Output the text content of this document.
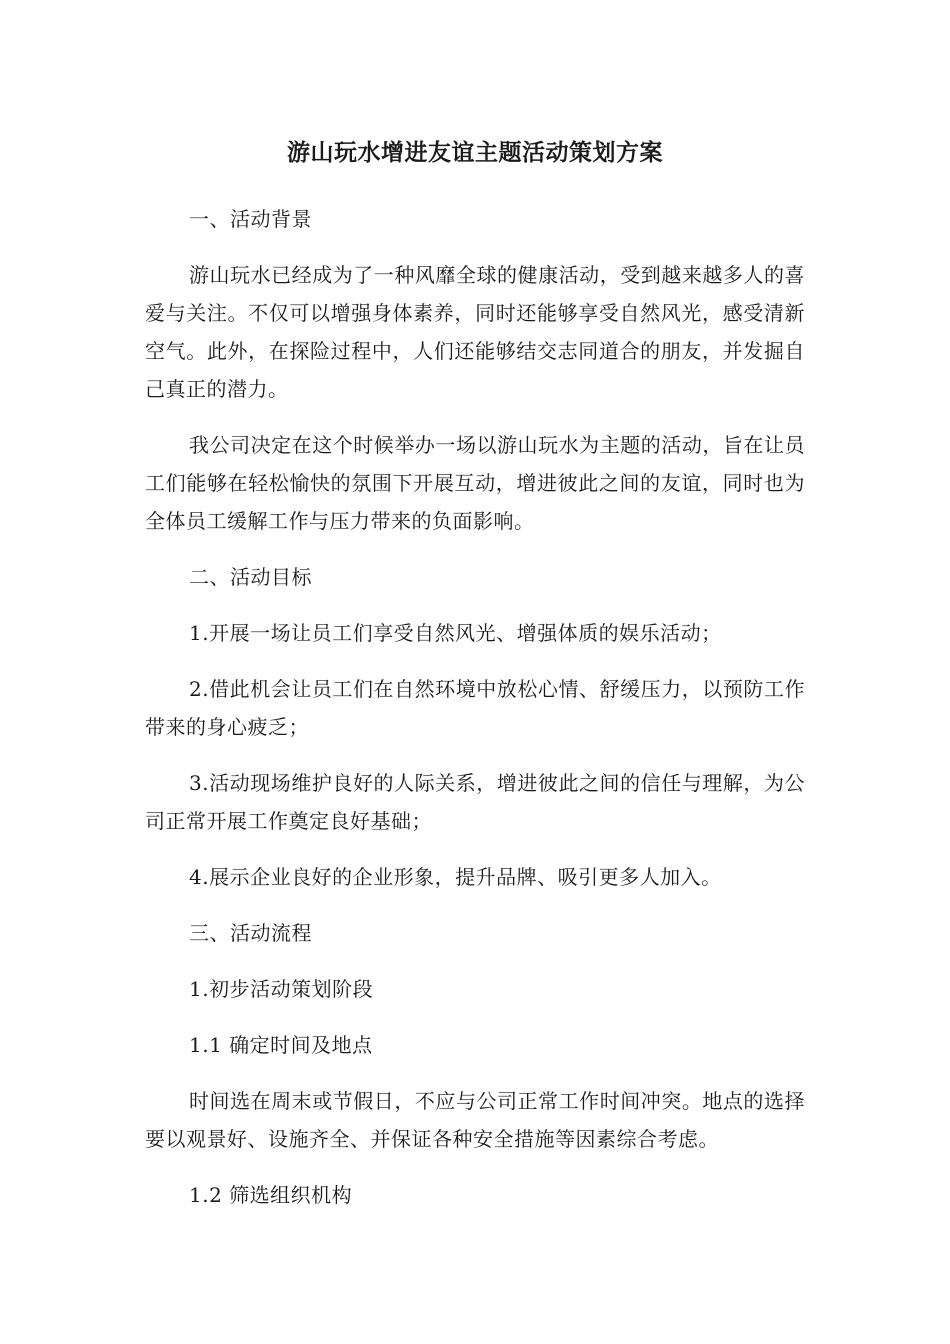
游山玩水增进友谊主题活动策划方案

一、活动背景

游山玩水已经成为了一种风靡全球的健康活动，受到越来越多人的喜爱与关注。不仅可以增强身体素养，同时还能够享受自然风光，感受清新空气。此外，在探险过程中，人们还能够结交志同道合的朋友，并发掘自己真正的潜力。

我公司决定在这个时候举办一场以游山玩水为主题的活动，旨在让员工们能够在轻松愉快的氛围下开展互动，增进彼此之间的友谊，同时也为全体员工缓解工作与压力带来的负面影响。

二、活动目标

1.开展一场让员工们享受自然风光、增强体质的娱乐活动；

2.借此机会让员工们在自然环境中放松心情、舒缓压力，以预防工作带来的身心疲乏；

3.活动现场维护良好的人际关系，增进彼此之间的信任与理解，为公司正常开展工作奠定良好基础；

4.展示企业良好的企业形象，提升品牌、吸引更多人加入。

三、活动流程

1.初步活动策划阶段

1.1 确定时间及地点

时间选在周末或节假日，不应与公司正常工作时间冲突。地点的选择要以观景好、设施齐全、并保证各种安全措施等因素综合考虑。

1.2 筛选组织机构
